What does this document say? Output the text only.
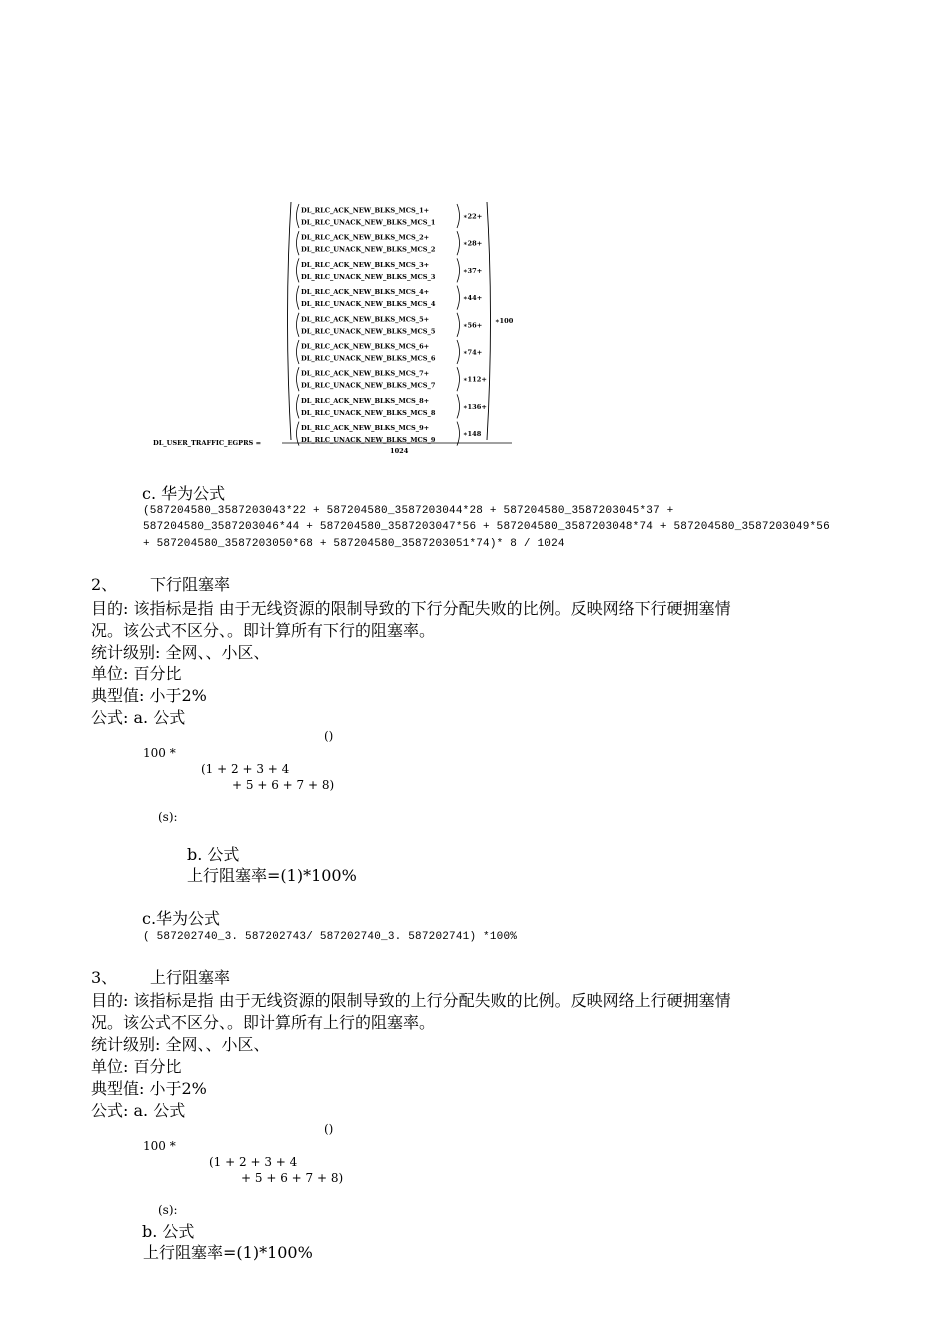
DL_USER_TRAFFIC_EGPRS =
1024
∗100
DL_RLC_ACK_NEW_BLKS_MCS_1+
DL_RLC_UNACK_NEW_BLKS_MCS_1
∗22+
DL_RLC_ACK_NEW_BLKS_MCS_2+
DL_RLC_UNACK_NEW_BLKS_MCS_2
∗28+
DL_RLC_ACK_NEW_BLKS_MCS_3+
DL_RLC_UNACK_NEW_BLKS_MCS_3
∗37+
DL_RLC_ACK_NEW_BLKS_MCS_4+
DL_RLC_UNACK_NEW_BLKS_MCS_4
∗44+
DL_RLC_ACK_NEW_BLKS_MCS_5+
DL_RLC_UNACK_NEW_BLKS_MCS_5
∗56+
DL_RLC_ACK_NEW_BLKS_MCS_6+
DL_RLC_UNACK_NEW_BLKS_MCS_6
∗74+
DL_RLC_ACK_NEW_BLKS_MCS_7+
DL_RLC_UNACK_NEW_BLKS_MCS_7
∗112+
DL_RLC_ACK_NEW_BLKS_MCS_8+
DL_RLC_UNACK_NEW_BLKS_MCS_8
∗136+
DL_RLC_ACK_NEW_BLKS_MCS_9+
DL_RLC_UNACK_NEW_BLKS_MCS_9
∗148
c. 华为公式
(587204580_3587203043*22 + 587204580_3587203044*28 + 587204580_3587203045*37 +
587204580_3587203046*44 + 587204580_3587203047*56 + 587204580_3587203048*74 + 587204580_3587203049*56
+ 587204580_3587203050*68 + 587204580_3587203051*74)* 8 / 1024
2、 下行阻塞率
目的: 该指标是指 由于无线资源的限制导致的下行分配失败的比例。反映网络下行硬拥塞情
况。该公式不区分、。即计算所有下行的阻塞率。
统计级别: 全网、、小区、
单位: 百分比
典型值: 小于2%
公式: a. 公式
()
100 *
(1 + 2 + 3 + 4
+ 5 + 6 + 7 + 8)
(s):
b. 公式
上行阻塞率=(1)*100%
c.华为公式
( 587202740_3. 587202743/ 587202740_3. 587202741) *100%
3、 上行阻塞率
目的: 该指标是指 由于无线资源的限制导致的上行分配失败的比例。反映网络上行硬拥塞情
况。该公式不区分、。即计算所有上行的阻塞率。
统计级别: 全网、、小区、
单位: 百分比
典型值: 小于2%
公式: a. 公式
()
100 *
(1 + 2 + 3 + 4
+ 5 + 6 + 7 + 8)
(s):
b. 公式
上行阻塞率=(1)*100%
